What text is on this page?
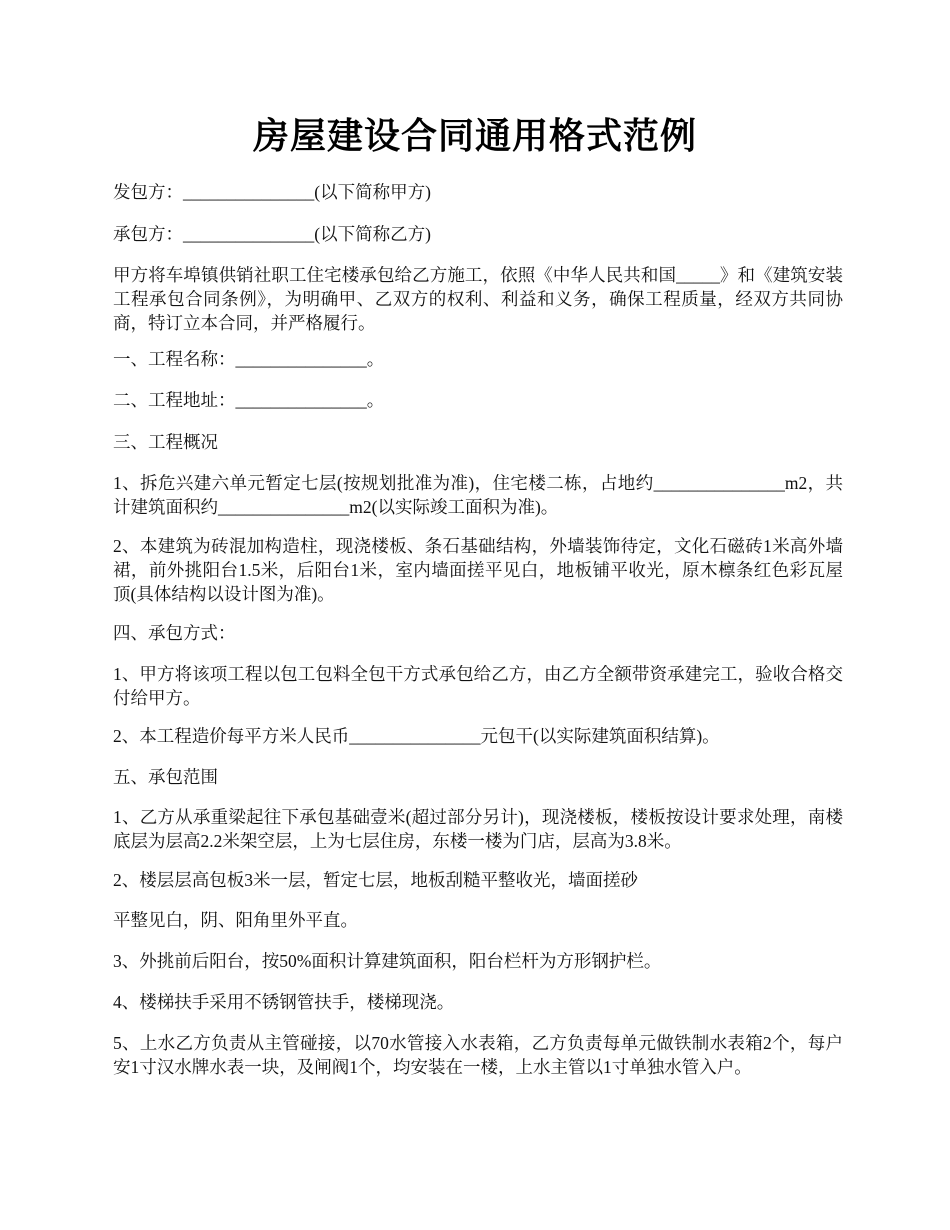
房屋建设合同通用格式范例

发包方：_______________(以下简称甲方)

承包方：_______________(以下简称乙方)

甲方将车埠镇供销社职工住宅楼承包给乙方施工，依照《中华人民共和国_____》和《建筑安装工程承包合同条例》，为明确甲、乙双方的权利、利益和义务，确保工程质量，经双方共同协商，特订立本合同，并严格履行。

一、工程名称：_______________。

二、工程地址：_______________。

三、工程概况

1、拆危兴建六单元暂定七层(按规划批准为准)，住宅楼二栋，占地约_______________m2，共计建筑面积约_______________m2(以实际竣工面积为准)。

2、本建筑为砖混加构造柱，现浇楼板、条石基础结构，外墙装饰待定，文化石磁砖1米高外墙裙，前外挑阳台1.5米，后阳台1米，室内墙面搓平见白，地板铺平收光，原木檩条红色彩瓦屋顶(具体结构以设计图为准)。

四、承包方式：

1、甲方将该项工程以包工包料全包干方式承包给乙方，由乙方全额带资承建完工，验收合格交付给甲方。

2、本工程造价每平方米人民币_______________元包干(以实际建筑面积结算)。

五、承包范围

1、乙方从承重梁起往下承包基础壹米(超过部分另计)，现浇楼板，楼板按设计要求处理，南楼底层为层高2.2米架空层，上为七层住房，东楼一楼为门店，层高为3.8米。

2、楼层层高包板3米一层，暂定七层，地板刮糙平整收光，墙面搓砂

平整见白，阴、阳角里外平直。

3、外挑前后阳台，按50%面积计算建筑面积，阳台栏杆为方形钢护栏。

4、楼梯扶手采用不锈钢管扶手，楼梯现浇。

5、上水乙方负责从主管碰接，以70水管接入水表箱，乙方负责每单元做铁制水表箱2个，每户安1寸汉水牌水表一块，及闸阀1个，均安装在一楼，上水主管以1寸单独水管入户。
